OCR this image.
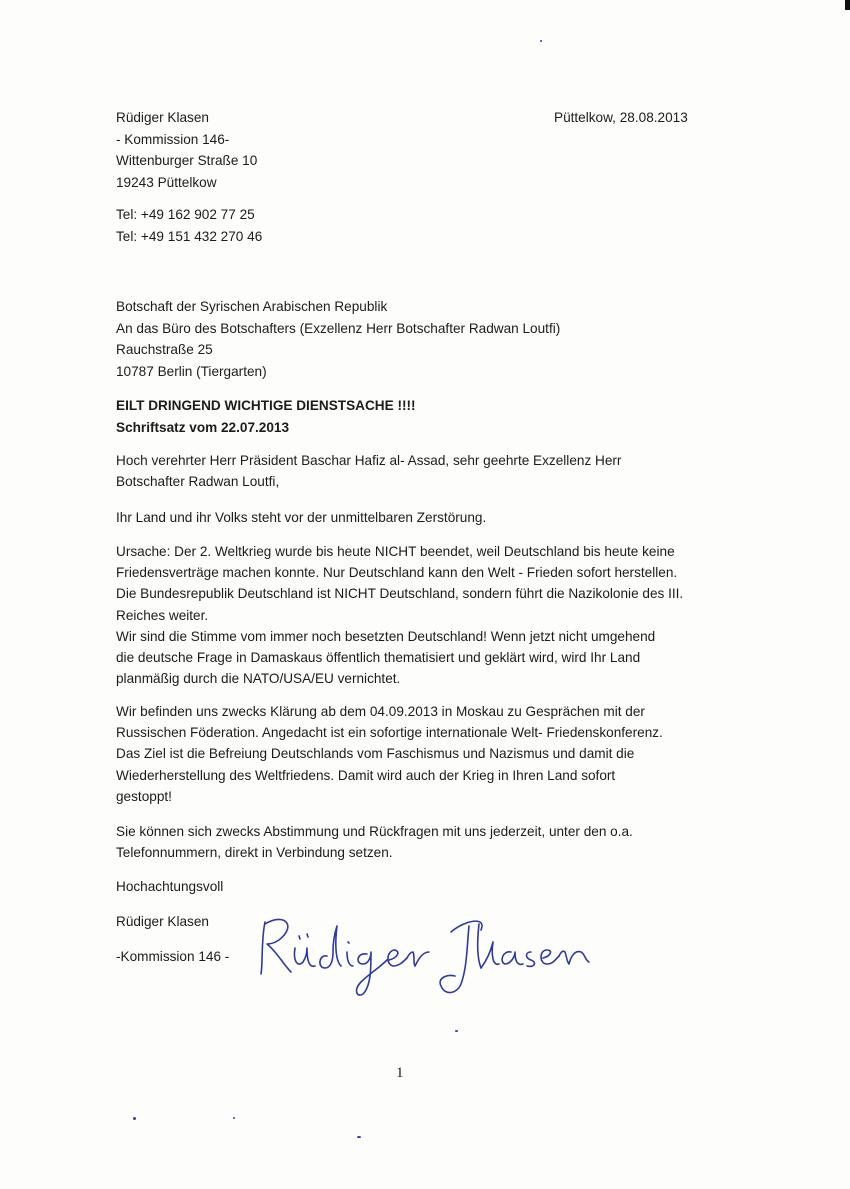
Rüdiger Klasen
- Kommission 146-
Wittenburger Straße 10
19243 Püttelkow
Tel: +49 162 902 77 25
Tel: +49 151 432 270 46
Püttelkow, 28.08.2013
Botschaft der Syrischen Arabischen Republik
An das Büro des Botschafters (Exzellenz Herr Botschafter Radwan Loutfi)
Rauchstraße 25
10787 Berlin (Tiergarten)
EILT DRINGEND WICHTIGE DIENSTSACHE !!!!
Schriftsatz vom 22.07.2013
Hoch verehrter Herr Präsident Baschar Hafiz al- Assad, sehr geehrte Exzellenz Herr
Botschafter Radwan Loutfi,
Ihr Land und ihr Volks steht vor der unmittelbaren Zerstörung.
Ursache: Der 2. Weltkrieg wurde bis heute NICHT beendet, weil Deutschland bis heute keine
Friedensverträge machen konnte. Nur Deutschland kann den Welt - Frieden sofort herstellen.
Die Bundesrepublik Deutschland ist NICHT Deutschland, sondern führt die Nazikolonie des III.
Reiches weiter.
Wir sind die Stimme vom immer noch besetzten Deutschland! Wenn jetzt nicht umgehend
die deutsche Frage in Damaskaus öffentlich thematisiert und geklärt wird, wird Ihr Land
planmäßig durch die NATO/USA/EU vernichtet.
Wir befinden uns zwecks Klärung ab dem 04.09.2013 in Moskau zu Gesprächen mit der
Russischen Föderation. Angedacht ist ein sofortige internationale Welt- Friedenskonferenz.
Das Ziel ist die Befreiung Deutschlands vom Faschismus und Nazismus und damit die
Wiederherstellung des Weltfriedens. Damit wird auch der Krieg in Ihren Land sofort
gestoppt!
Sie können sich zwecks Abstimmung und Rückfragen mit uns jederzeit, unter den o.a.
Telefonnummern, direkt in Verbindung setzen.
Hochachtungsvoll
Rüdiger Klasen
-Kommission 146 -
1
